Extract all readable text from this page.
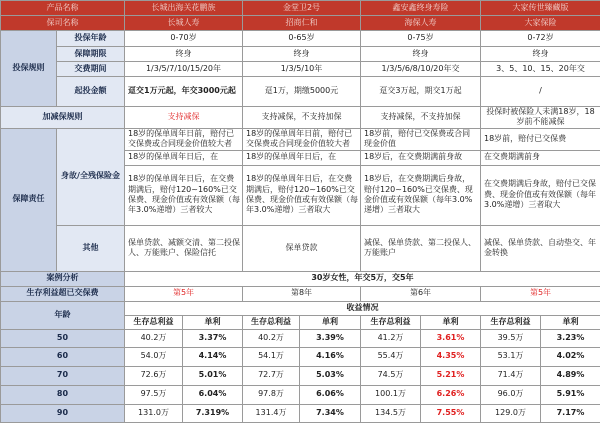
产品名称		长城出海关花鹏族		金堂卫2号		鑫安鑫终身寿险		大家传世臻藏版	
保司名称		长城人寿		招商仁和		海保人寿		大家保险	
投保规则	投保年龄	0-70岁		0-65岁		0-75岁		0-72岁	
	保障期限	终身		终身		终身		终身	
	交费期间	1/3/5/7/10/15/20年		1/3/5/10年		1/3/5/6/8/10/20年交		3、5、10、15、20年交	
	起投金额	趸交1万元起，年交3000元起		趸1万，期缴5000元		趸交3万起，期交1万起		/	
加减保规则		支持减保		支持减保，不支持加保		支持减保，不支持加保		投保时被保险人未满18岁，18岁前不能减保	
保障责任	身故/全残保险金	18岁的保单周年日前，赔付已交保费或合同现金价值较大者		18岁的保单周年日前，赔付已交保费或合同现金价值较大者		18岁前，赔付已交保费或合同现金价值		18岁前，赔付已交保费	
		18岁的保单周年日后，在		18岁的保单周年日后，在		18岁后，在交费期满前身故		在交费期满前身	
		18岁的保单周年日后，在交费期满后，赔付120~160%已交保费、现金价值或有效保额（每年3.0%递增）三者较大		18岁的保单周年日后，在交费期满后，赔付120~160%已交保费、现金价值或有效保额（每年3.0%递增）三者取大		18岁后，在交费期满后身故，赔付120~160%已交保费、现金价值或有效保额（每年3.0%递增）三者取大		在交费期满后身故，赔付已交保费、现金价值或有效保额（每年3.0%递增）三者取大	
	其他	保单贷款、减额交清、第二投保人、万能账户、保险信托		保单贷款		减保、保单贷款、第二投保人、万能账户		减保、保单贷款、自动垫交、年金转换	
案例分析		30岁女性，年交5万，交5年							
生存利益超已交保费		第5年		第8年		第6年		第5年	
年龄		收益情况							
		生存总利益	单利	生存总利益	单利	生存总利益	单利	生存总利益	单利
50		40.2万	3.37%	40.2万	3.39%	41.2万	3.61%	39.5万	3.23%
60		54.0万	4.14%	54.1万	4.16%	55.4万	4.35%	53.1万	4.02%
70		72.6万	5.01%	72.7万	5.03%	74.5万	5.21%	71.4万	4.89%
80		97.5万	6.04%	97.8万	6.06%	100.1万	6.26%	96.0万	5.91%
90		131.0万	7.319%	131.4万	7.34%	134.5万	7.55%	129.0万	7.17%
